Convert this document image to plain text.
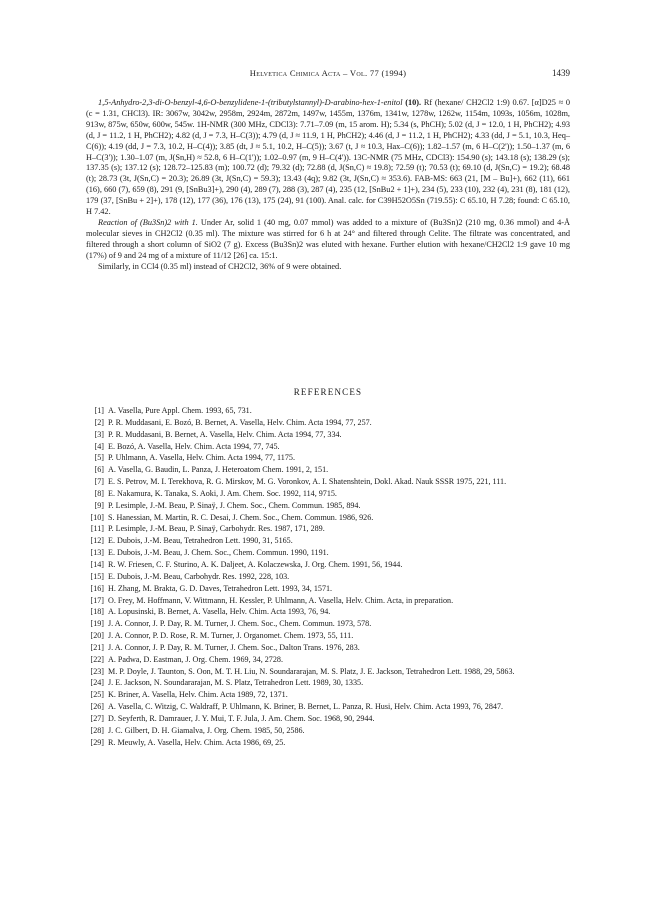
Helvetica Chimica Acta – Vol. 77 (1994)	1439

1,5-Anhydro-2,3-di-O-benzyl-4,6-O-benzylidene-1-(tributylstannyl)-D-arabino-hex-1-enitol (10). Rf (hexane/ CH2Cl2 1:9) 0.67. [α]D25 ≈ 0 (c = 1.31, CHCl3). IR: 3067w, 3042w, 2958m, 2924m, 2872m, 1497w, 1455m, 1376m, 1341w, 1278w, 1262w, 1154m, 1093s, 1056m, 1028m, 913w, 875w, 650w, 600w, 545w. 1H-NMR (300 MHz, CDCl3): 7.71–7.09 (m, 15 arom. H); 5.34 (s, PhCH); 5.02 (d, J = 12.0, 1 H, PhCH2); 4.93 (d, J = 11.2, 1 H, PhCH2); 4.82 (d, J = 7.3, H–C(3)); 4.79 (d, J ≈ 11.9, 1 H, PhCH2); 4.46 (d, J = 11.2, 1 H, PhCH2); 4.33 (dd, J = 5.1, 10.3, Heq–C(6)); 4.19 (dd, J = 7.3, 10.2, H–C(4)); 3.85 (dt, J ≈ 5.1, 10.2, H–C(5)); 3.67 (t, J ≈ 10.3, Hax–C(6)); 1.82–1.57 (m, 6 H–C(2')); 1.50–1.37 (m, 6 H–C(3')); 1.30–1.07 (m, J(Sn,H) ≈ 52.8, 6 H–C(1')); 1.02–0.97 (m, 9 H–C(4')). 13C-NMR (75 MHz, CDCl3): 154.90 (s); 143.18 (s); 138.29 (s); 137.35 (s); 137.12 (s); 128.72–125.83 (m); 100.72 (d); 79.32 (d); 72.88 (d, J(Sn,C) ≈ 19.8); 72.59 (t); 70.53 (t); 69.10 (d, J(Sn,C) = 19.2); 68.48 (t); 28.73 (3t, J(Sn,C) = 20.3); 26.89 (3t, J(Sn,C) = 59.3); 13.43 (4q); 9.82 (3t, J(Sn,C) ≈ 353.6). FAB-MS: 663 (21, [M – Bu]+), 662 (11), 661 (16), 660 (7), 659 (8), 291 (9, [SnBu3]+), 290 (4), 289 (7), 288 (3), 287 (4), 235 (12, [SnBu2 + 1]+), 234 (5), 233 (10), 232 (4), 231 (8), 181 (12), 179 (37, [SnBu + 2]+), 178 (12), 177 (36), 176 (13), 175 (24), 91 (100). Anal. calc. for C39H52O5Sn (719.55): C 65.10, H 7.28; found: C 65.10, H 7.42.

Reaction of (Bu3Sn)2 with 1. Under Ar, solid 1 (40 mg, 0.07 mmol) was added to a mixture of (Bu3Sn)2 (210 mg, 0.36 mmol) and 4-Å molecular sieves in CH2Cl2 (0.35 ml). The mixture was stirred for 6 h at 24° and filtered through Celite. The filtrate was concentrated, and filtered through a short column of SiO2 (7 g). Excess (Bu3Sn)2 was eluted with hexane. Further elution with hexane/CH2Cl2 1:9 gave 10 mg (17%) of 9 and 24 mg of a mixture of 11/12 [26] ca. 15:1.

Similarly, in CCl4 (0.35 ml) instead of CH2Cl2, 36% of 9 were obtained.

REFERENCES
[1] A. Vasella, Pure Appl. Chem. 1993, 65, 731.
[2] P. R. Muddasani, E. Bozó, B. Bernet, A. Vasella, Helv. Chim. Acta 1994, 77, 257.
[3] P. R. Muddasani, B. Bernet, A. Vasella, Helv. Chim. Acta 1994, 77, 334.
[4] E. Bozó, A. Vasella, Helv. Chim. Acta 1994, 77, 745.
[5] P. Uhlmann, A. Vasella, Helv. Chim. Acta 1994, 77, 1175.
[6] A. Vasella, G. Baudin, L. Panza, J. Heteroatom Chem. 1991, 2, 151.
[7] E. S. Petrov, M. I. Terekhova, R. G. Mirskov, M. G. Voronkov, A. I. Shatenshtein, Dokl. Akad. Nauk SSSR 1975, 221, 111.
[8] E. Nakamura, K. Tanaka, S. Aoki, J. Am. Chem. Soc. 1992, 114, 9715.
[9] P. Lesimple, J.-M. Beau, P. Sinaÿ, J. Chem. Soc., Chem. Commun. 1985, 894.
[10] S. Hanessian, M. Martin, R. C. Desai, J. Chem. Soc., Chem. Commun. 1986, 926.
[11] P. Lesimple, J.-M. Beau, P. Sinaÿ, Carbohydr. Res. 1987, 171, 289.
[12] E. Dubois, J.-M. Beau, Tetrahedron Lett. 1990, 31, 5165.
[13] E. Dubois, J.-M. Beau, J. Chem. Soc., Chem. Commun. 1990, 1191.
[14] R. W. Friesen, C. F. Sturino, A. K. Daljeet, A. Kolaczewska, J. Org. Chem. 1991, 56, 1944.
[15] E. Dubois, J.-M. Beau, Carbohydr. Res. 1992, 228, 103.
[16] H. Zhang, M. Brakta, G. D. Daves, Tetrahedron Lett. 1993, 34, 1571.
[17] O. Frey, M. Hoffmann, V. Wittmann, H. Kessler, P. Uhlmann, A. Vasella, Helv. Chim. Acta, in preparation.
[18] A. Lopusinski, B. Bernet, A. Vasella, Helv. Chim. Acta 1993, 76, 94.
[19] J. A. Connor, J. P. Day, R. M. Turner, J. Chem. Soc., Chem. Commun. 1973, 578.
[20] J. A. Connor, P. D. Rose, R. M. Turner, J. Organomet. Chem. 1973, 55, 111.
[21] J. A. Connor, J. P. Day, R. M. Turner, J. Chem. Soc., Dalton Trans. 1976, 283.
[22] A. Padwa, D. Eastman, J. Org. Chem. 1969, 34, 2728.
[23] M. P. Doyle, J. Taunton, S. Oon, M. T. H. Liu, N. Soundararajan, M. S. Platz, J. E. Jackson, Tetrahedron Lett. 1988, 29, 5863.
[24] J. E. Jackson, N. Soundararajan, M. S. Platz, Tetrahedron Lett. 1989, 30, 1335.
[25] K. Briner, A. Vasella, Helv. Chim. Acta 1989, 72, 1371.
[26] A. Vasella, C. Witzig, C. Waldraff, P. Uhlmann, K. Briner, B. Bernet, L. Panza, R. Husi, Helv. Chim. Acta 1993, 76, 2847.
[27] D. Seyferth, R. Damrauer, J. Y. Mui, T. F. Jula, J. Am. Chem. Soc. 1968, 90, 2944.
[28] J. C. Gilbert, D. H. Giamalva, J. Org. Chem. 1985, 50, 2586.
[29] R. Meuwly, A. Vasella, Helv. Chim. Acta 1986, 69, 25.
